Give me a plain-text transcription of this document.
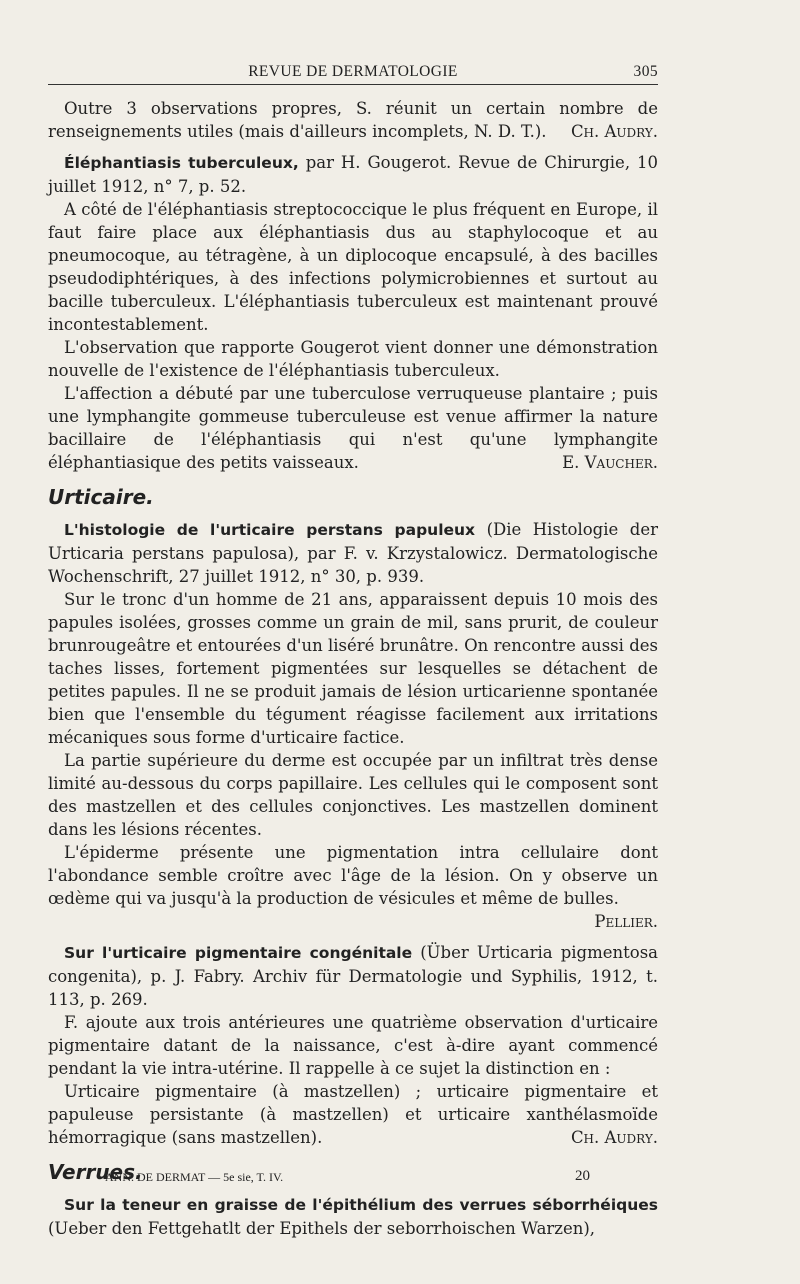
REVUE DE DERMATOLOGIE	305

Outre 3 observations propres, S. réunit un certain nombre de renseignements utiles (mais d'ailleurs incomplets, N. D. T.).	Ch. Audry.

Éléphantiasis tuberculeux, par H. Gougerot. Revue de Chirurgie, 10 juillet 1912, n° 7, p. 52.

A côté de l'éléphantiasis streptococcique le plus fréquent en Europe, il faut faire place aux éléphantiasis dus au staphylocoque et au pneumocoque, au tétragène, à un diplocoque encapsulé, à des bacilles pseudodiphtériques, à des infections polymicrobiennes et surtout au bacille tuberculeux. L'éléphantiasis tuberculeux est maintenant prouvé incontestablement.

L'observation que rapporte Gougerot vient donner une démonstration nouvelle de l'existence de l'éléphantiasis tuberculeux.

L'affection a débuté par une tuberculose verruqueuse plantaire ; puis une lymphangite gommeuse tuberculeuse est venue affirmer la nature bacillaire de l'éléphantiasis qui n'est qu'une lymphangite éléphantiasique des petits vaisseaux.	E. Vaucher.

Urticaire.

L'histologie de l'urticaire perstans papuleux (Die Histologie der Urticaria perstans papulosa), par F. v. Krzystalowicz. Dermatologische Wochenschrift, 27 juillet 1912, n° 30, p. 939.

Sur le tronc d'un homme de 21 ans, apparaissent depuis 10 mois des papules isolées, grosses comme un grain de mil, sans prurit, de couleur brunrougeâtre et entourées d'un liséré brunâtre. On rencontre aussi des taches lisses, fortement pigmentées sur lesquelles se détachent de petites papules. Il ne se produit jamais de lésion urticarienne spontanée bien que l'ensemble du tégument réagisse facilement aux irritations mécaniques sous forme d'urticaire factice.

La partie supérieure du derme est occupée par un infiltrat très dense limité au-dessous du corps papillaire. Les cellules qui le composent sont des mastzellen et des cellules conjonctives. Les mastzellen dominent dans les lésions récentes.

L'épiderme présente une pigmentation intra cellulaire dont l'abondance semble croître avec l'âge de la lésion. On y observe un œdème qui va jusqu'à la production de vésicules et même de bulles.
Pellier.

Sur l'urticaire pigmentaire congénitale (Über Urticaria pigmentosa congenita), p. J. Fabry. Archiv für Dermatologie und Syphilis, 1912, t. 113, p. 269.

F. ajoute aux trois antérieures une quatrième observation d'urticaire pigmentaire datant de la naissance, c'est à-dire ayant commencé pendant la vie intra-utérine. Il rappelle à ce sujet la distinction en :

Urticaire pigmentaire (à mastzellen) ; urticaire pigmentaire et papuleuse persistante (à mastzellen) et urticaire xanthélasmoïde hémorragique (sans mastzellen).	Ch. Audry.

Verrues.

Sur la teneur en graisse de l'épithélium des verrues séborrhéiques (Ueber den Fettgehatlt der Epithels der seborrhoischen Warzen),

ANN. DE DERMAT — 5e sie, T. IV.	20
